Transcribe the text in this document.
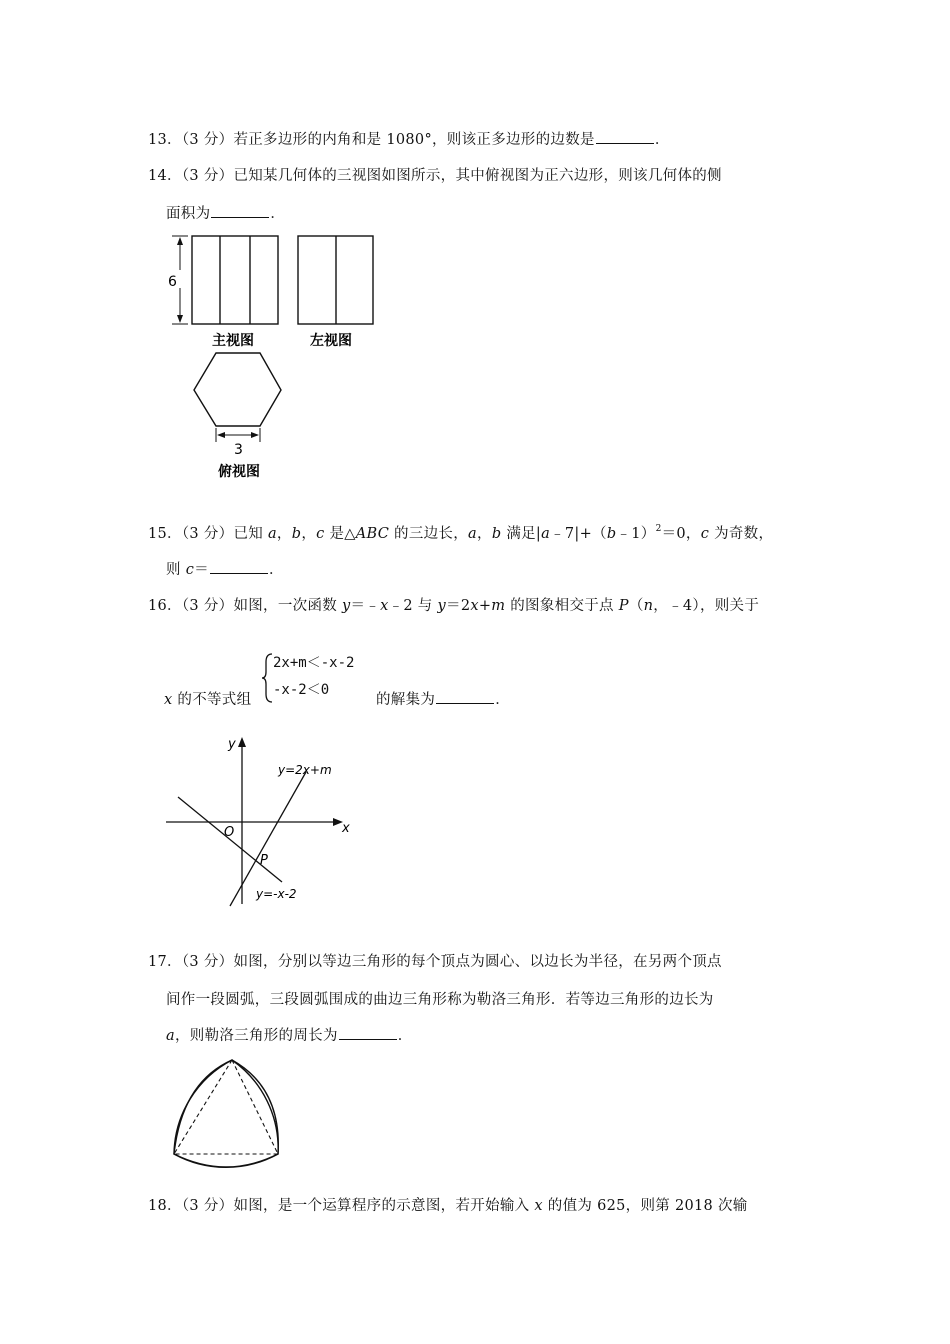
13．（3 分）若正多边形的内角和是 1080°，则该正多边形的边数是	．
14．（3 分）已知某几何体的三视图如图所示，其中俯视图为正六边形，则该几何体的侧
面积为	．
6
主视图	左视图
3
俯视图
15．（3 分）已知 a，b，c 是△ABC 的三边长，a，b 满足|a﹣7|+（b﹣1）$^2$＝0，c 为奇数，
则 c＝	．
16．（3 分）如图，一次函数 y＝﹣x﹣2 与 y＝2x+m 的图象相交于点 P（n，﹣4），则关于
x 的不等式组
2x+m＜-x-2
-x-2＜0
的解集为	．
y
x
O
y=2x+m
P
y=-x-2
17．（3 分）如图，分别以等边三角形的每个顶点为圆心、以边长为半径，在另两个顶点
间作一段圆弧，三段圆弧围成的曲边三角形称为勒洛三角形．若等边三角形的边长为
a，则勒洛三角形的周长为	．
18．（3 分）如图，是一个运算程序的示意图，若开始输入 x 的值为 625，则第 2018 次输
